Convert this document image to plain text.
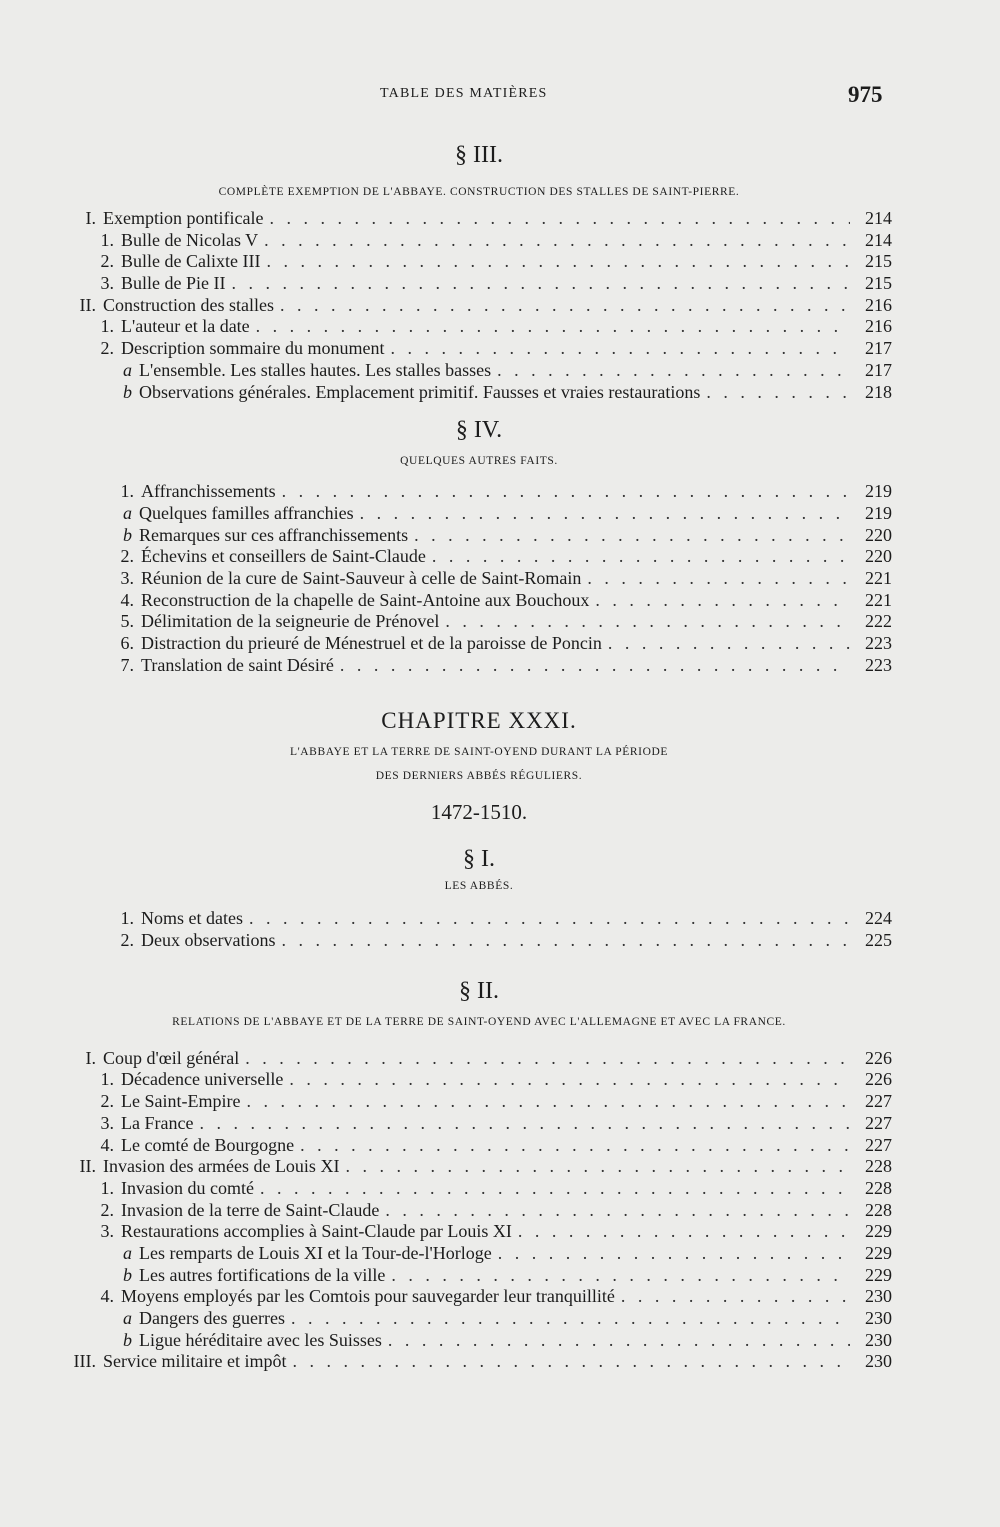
TABLE DES MATIÈRES	975
§ III.
COMPLÈTE EXEMPTION DE L'ABBAYE. CONSTRUCTION DES STALLES DE SAINT-PIERRE.
I. Exemption pontificale . . .	214
1. Bulle de Nicolas V . . .	214
2. Bulle de Calixte III . . .	215
3. Bulle de Pie II . . .	215
II. Construction des stalles . . .	216
1. L'auteur et la date . . .	216
2. Description sommaire du monument . . .	217
a L'ensemble. Les stalles hautes. Les stalles basses . . .	217
b Observations générales. Emplacement primitif. Fausses et vraies restaurations . . .	218
§ IV.
QUELQUES AUTRES FAITS.
1. Affranchissements . . .	219
a Quelques familles affranchies . . .	219
b Remarques sur ces affranchissements . . .	220
2. Échevins et conseillers de Saint-Claude . . .	220
3. Réunion de la cure de Saint-Sauveur à celle de Saint-Romain . . .	221
4. Reconstruction de la chapelle de Saint-Antoine aux Bouchoux . . .	221
5. Délimitation de la seigneurie de Prénovel . . .	222
6. Distraction du prieuré de Ménestruel et de la paroisse de Poncin . . .	223
7. Translation de saint Désiré . . .	223
CHAPITRE XXXI.
L'ABBAYE ET LA TERRE DE SAINT-OYEND DURANT LA PÉRIODE
DES DERNIERS ABBÉS RÉGULIERS.
1472-1510.
§ I.
LES ABBÉS.
1. Noms et dates . . .	224
2. Deux observations . . .	225
§ II.
RELATIONS DE L'ABBAYE ET DE LA TERRE DE SAINT-OYEND AVEC L'ALLEMAGNE ET AVEC LA FRANCE.
I. Coup d'œil général . . .	226
1. Décadence universelle . . .	226
2. Le Saint-Empire . . .	227
3. La France . . .	227
4. Le comté de Bourgogne . . .	227
II. Invasion des armées de Louis XI . . .	228
1. Invasion du comté . . .	228
2. Invasion de la terre de Saint-Claude . . .	228
3. Restaurations accomplies à Saint-Claude par Louis XI . . .	229
a Les remparts de Louis XI et la Tour-de-l'Horloge . . .	229
b Les autres fortifications de la ville . . .	229
4. Moyens employés par les Comtois pour sauvegarder leur tranquillité . . .	230
a Dangers des guerres . . .	230
b Ligue héréditaire avec les Suisses . . .	230
III. Service militaire et impôt . . .	230
